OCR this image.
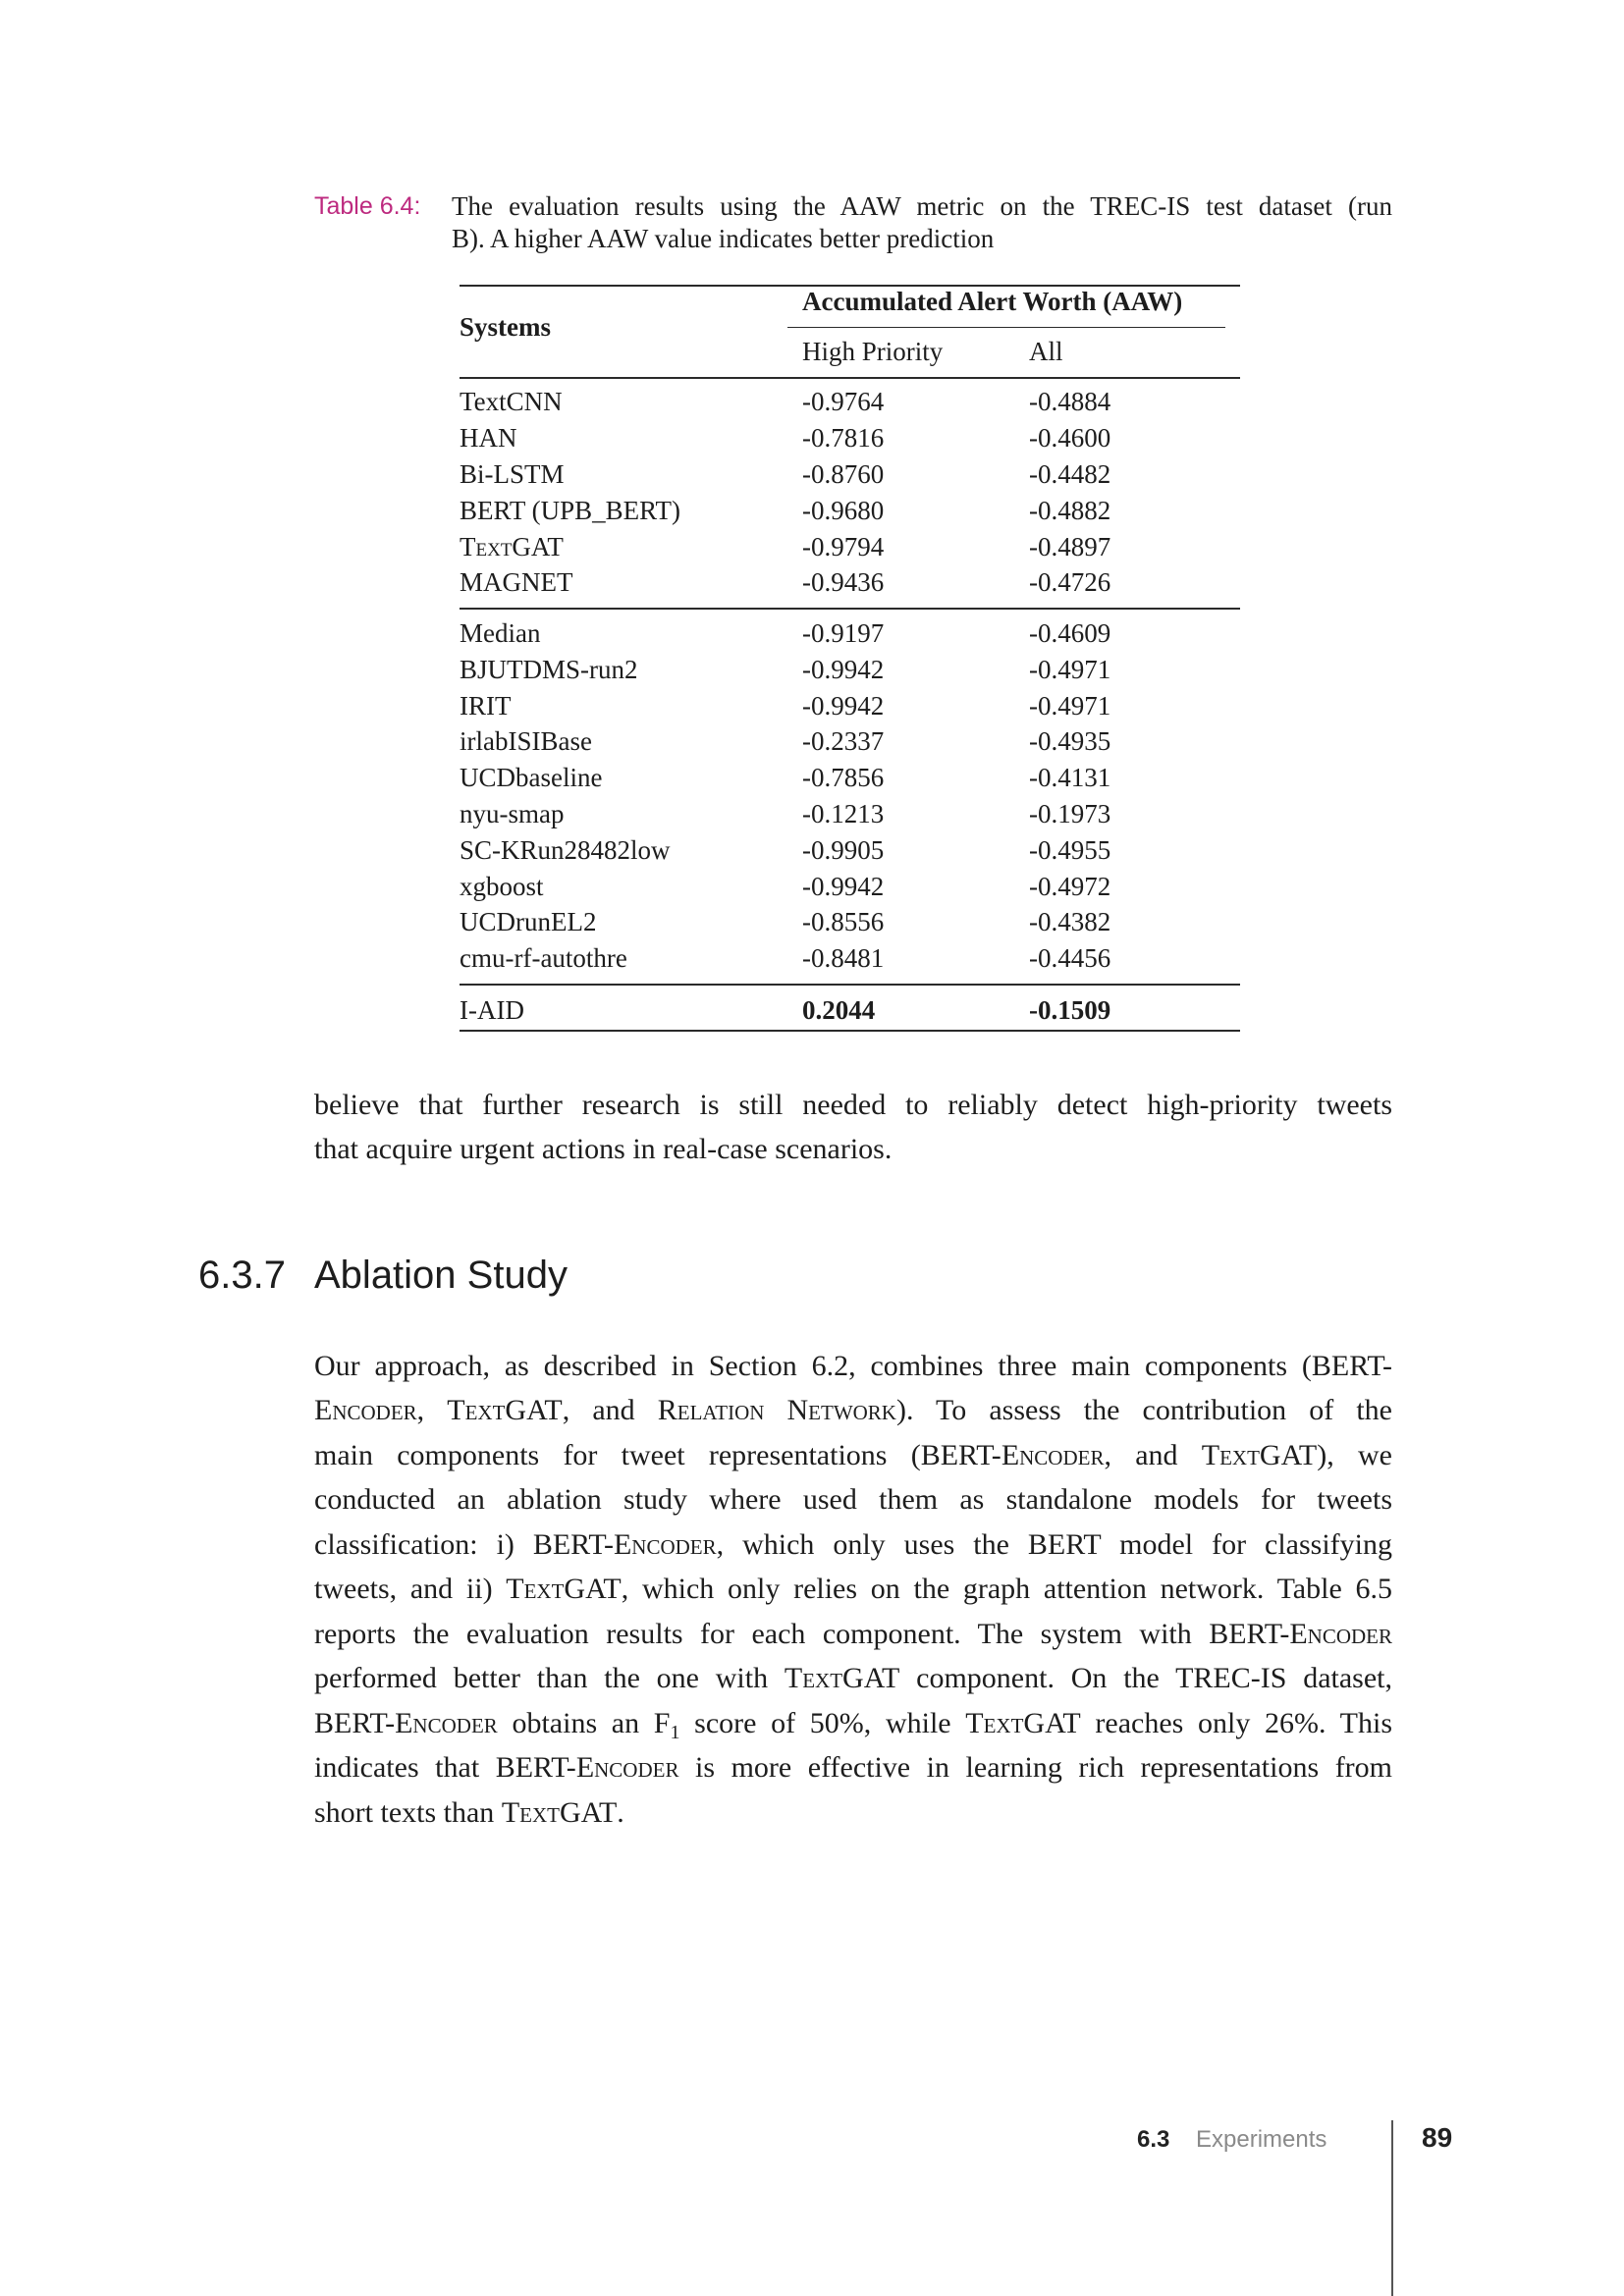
Table 6.4: The evaluation results using the AAW metric on the TREC-IS test dataset (run
B). A higher AAW value indicates better prediction
Accumulated Alert Worth (AAW)
Systems
High Priority	All
TextCNN	-0.9764	-0.4884
HAN	-0.7816	-0.4600
Bi-LSTM	-0.8760	-0.4482
BERT (UPB_BERT)	-0.9680	-0.4882
TextGAT	-0.9794	-0.4897
MAGNET	-0.9436	-0.4726
Median	-0.9197	-0.4609
BJUTDMS-run2	-0.9942	-0.4971
IRIT	-0.9942	-0.4971
irlabISIBase	-0.2337	-0.4935
UCDbaseline	-0.7856	-0.4131
nyu-smap	-0.1213	-0.1973
SC-KRun28482low	-0.9905	-0.4955
xgboost	-0.9942	-0.4972
UCDrunEL2	-0.8556	-0.4382
cmu-rf-autothre	-0.8481	-0.4456
I-AID	0.2044	-0.1509
believe that further research is still needed to reliably detect high-priority tweets
that acquire urgent actions in real-case scenarios.
6.3.7 Ablation Study
Our approach, as described in Section 6.2, combines three main components (BERT-
Encoder, TextGAT, and Relation Network). To assess the contribution of the
main components for tweet representations (BERT-Encoder, and TextGAT), we
conducted an ablation study where used them as standalone models for tweets
classification: i) BERT-Encoder, which only uses the BERT model for classifying
tweets, and ii) TextGAT, which only relies on the graph attention network. Table 6.5
reports the evaluation results for each component. The system with BERT-Encoder
performed better than the one with TextGAT component. On the TREC-IS dataset,
BERT-Encoder obtains an $F_1$ score of 50%, while TextGAT reaches only 26%. This
indicates that BERT-Encoder is more effective in learning rich representations from
short texts than TextGAT.
6.3 Experiments	89
